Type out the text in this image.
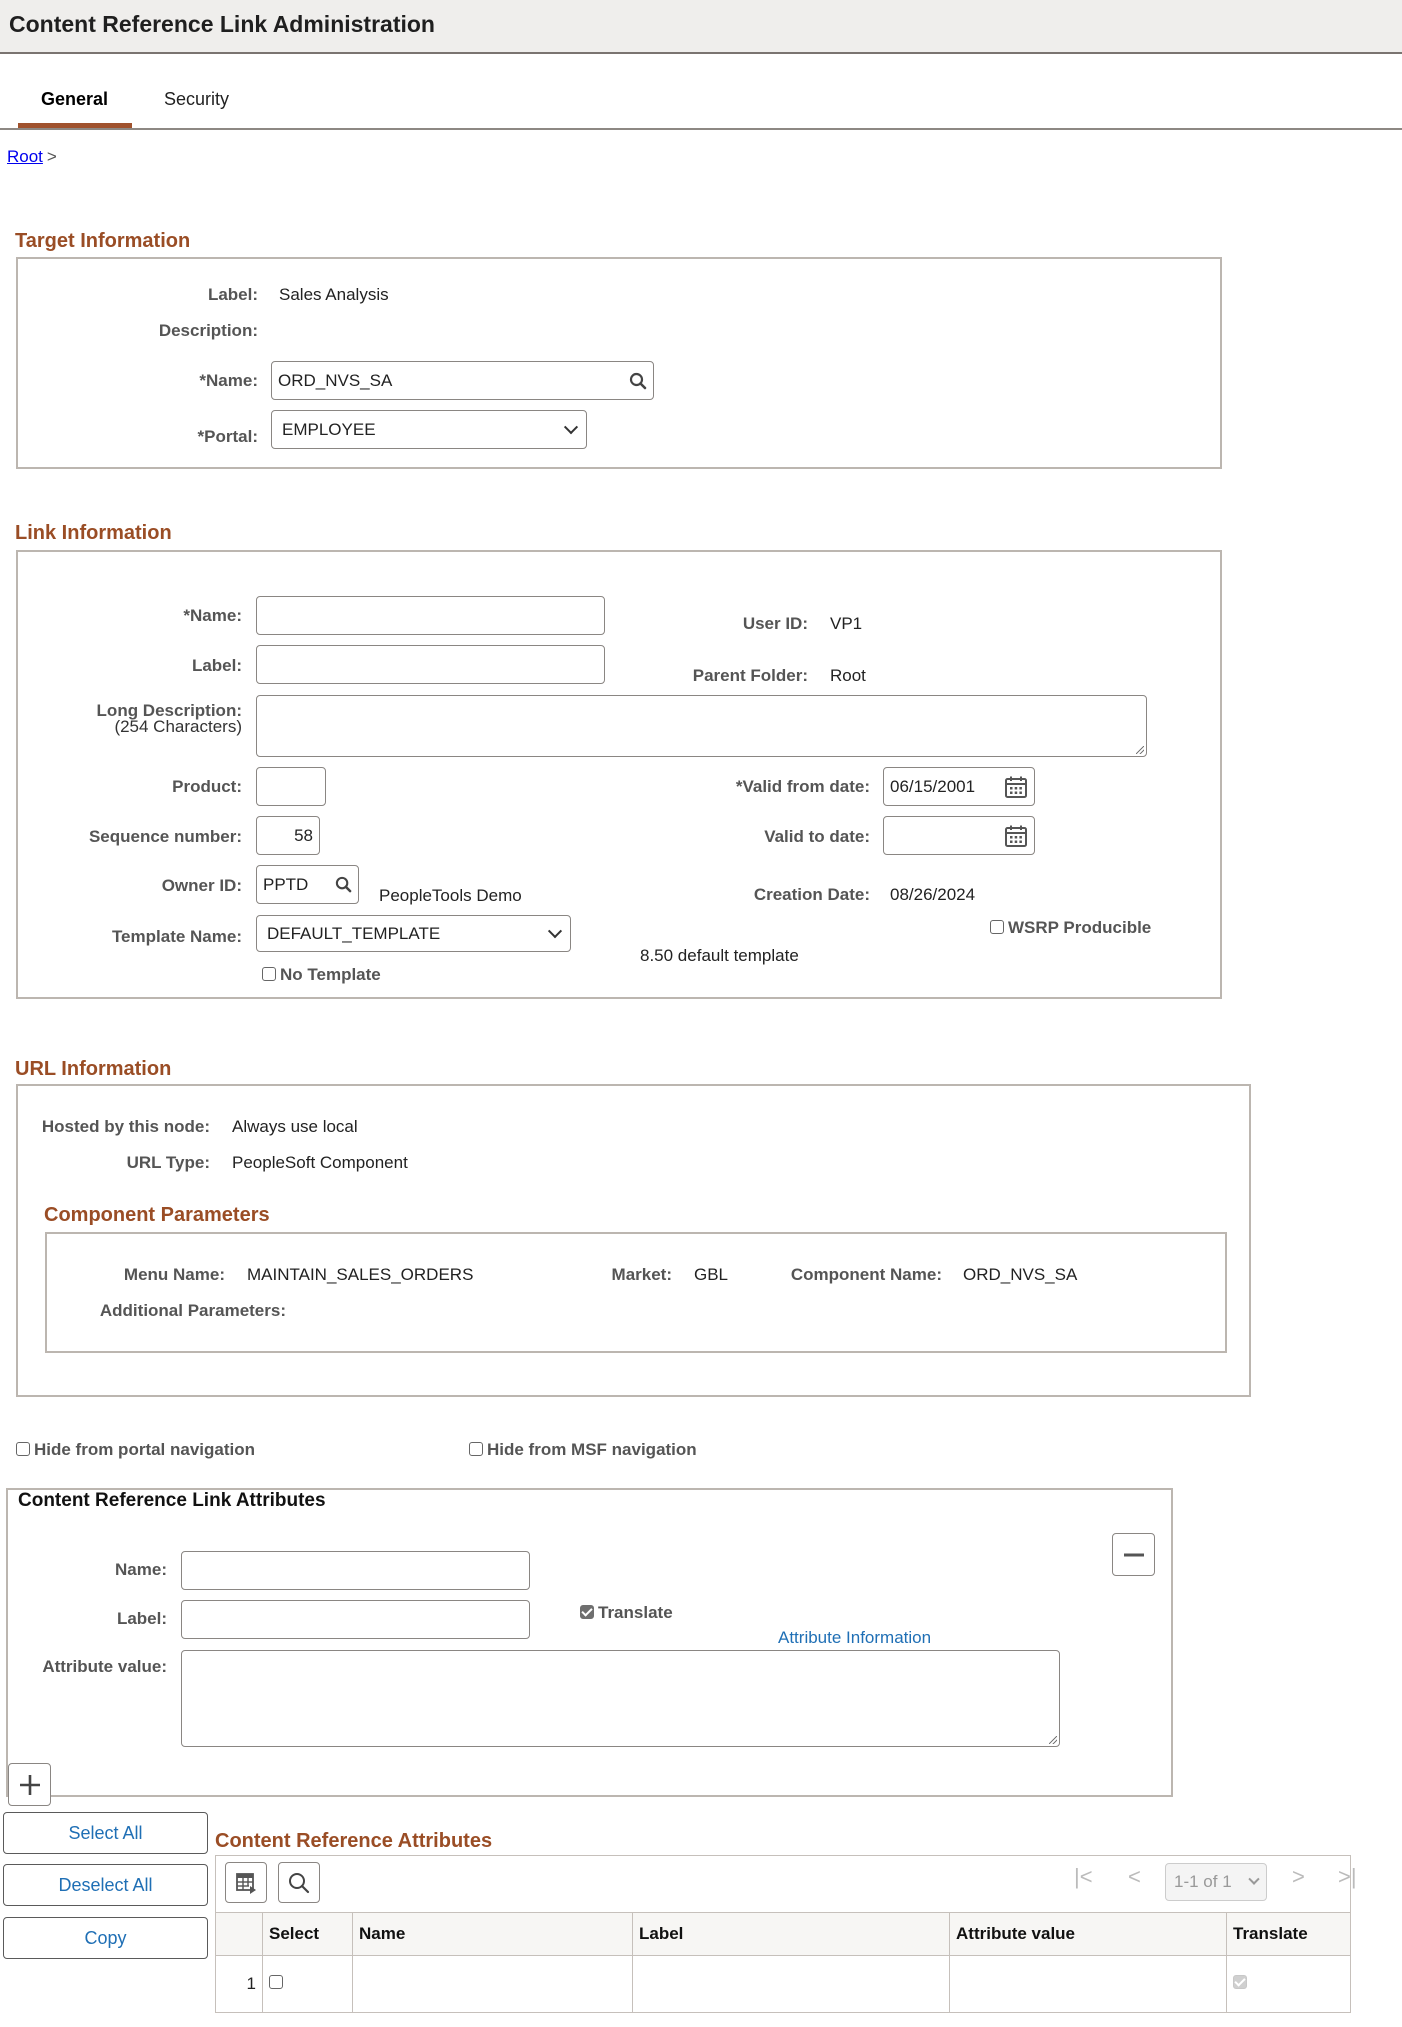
Content Reference Link Administration
General	Security
Root >
Target Information
Label: Sales Analysis
Description:
*Name: ORD_NVS_SA
*Portal: EMPLOYEE
Link Information
*Name:
Label:
Long Description:
(254 Characters)
Product:
Sequence number:	58
Owner ID: PPTD
PeopleTools Demo
Template Name: DEFAULT_TEMPLATE
8.50 default template
No Template
User ID: VP1
Parent Folder: Root
*Valid from date: 06/15/2001
Valid to date:
Creation Date: 08/26/2024
WSRP Producible
URL Information
Hosted by this node: Always use local
URL Type: PeopleSoft Component
Component Parameters
Menu Name: MAINTAIN_SALES_ORDERS	Market: GBL	Component Name: ORD_NVS_SA
Additional Parameters:
Hide from portal navigation	Hide from MSF navigation
Content Reference Link Attributes
Name:
Label:	Translate
Attribute Information
Attribute value:
Select All
Deselect All
Copy
Content Reference Attributes
|< < 1-1 of 1	> >|
	Select	Name	Label	Attribute value	Translate
1					
